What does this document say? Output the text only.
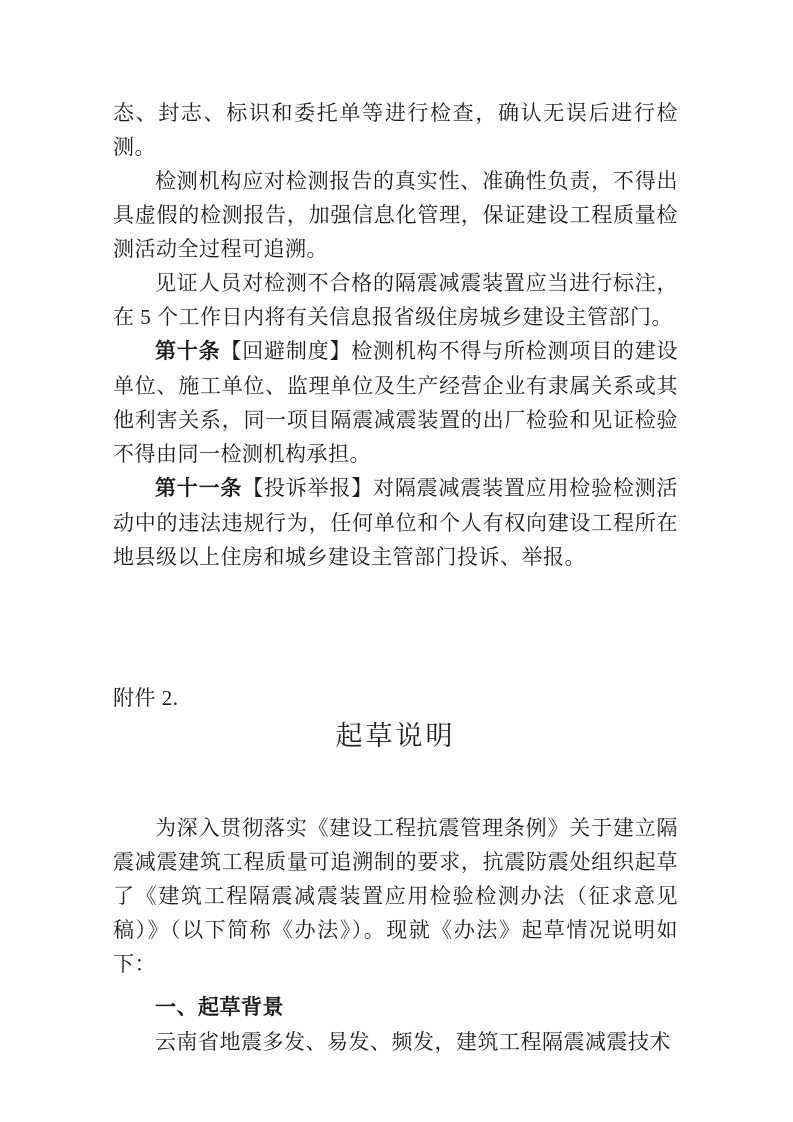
态、封志、标识和委托单等进行检查，确认无误后进行检测。

检测机构应对检测报告的真实性、准确性负责，不得出具虚假的检测报告，加强信息化管理，保证建设工程质量检测活动全过程可追溯。

见证人员对检测不合格的隔震减震装置应当进行标注，在 5 个工作日内将有关信息报省级住房城乡建设主管部门。

第十条【回避制度】检测机构不得与所检测项目的建设单位、施工单位、监理单位及生产经营企业有隶属关系或其他利害关系，同一项目隔震减震装置的出厂检验和见证检验不得由同一检测机构承担。

第十一条【投诉举报】对隔震减震装置应用检验检测活动中的违法违规行为，任何单位和个人有权向建设工程所在地县级以上住房和城乡建设主管部门投诉、举报。

附件 2.

起草说明

为深入贯彻落实《建设工程抗震管理条例》关于建立隔震减震建筑工程质量可追溯制的要求，抗震防震处组织起草了《建筑工程隔震减震装置应用检验检测办法（征求意见稿）》（以下简称《办法》）。现就《办法》起草情况说明如下：

一、起草背景

云南省地震多发、易发、频发，建筑工程隔震减震技术
